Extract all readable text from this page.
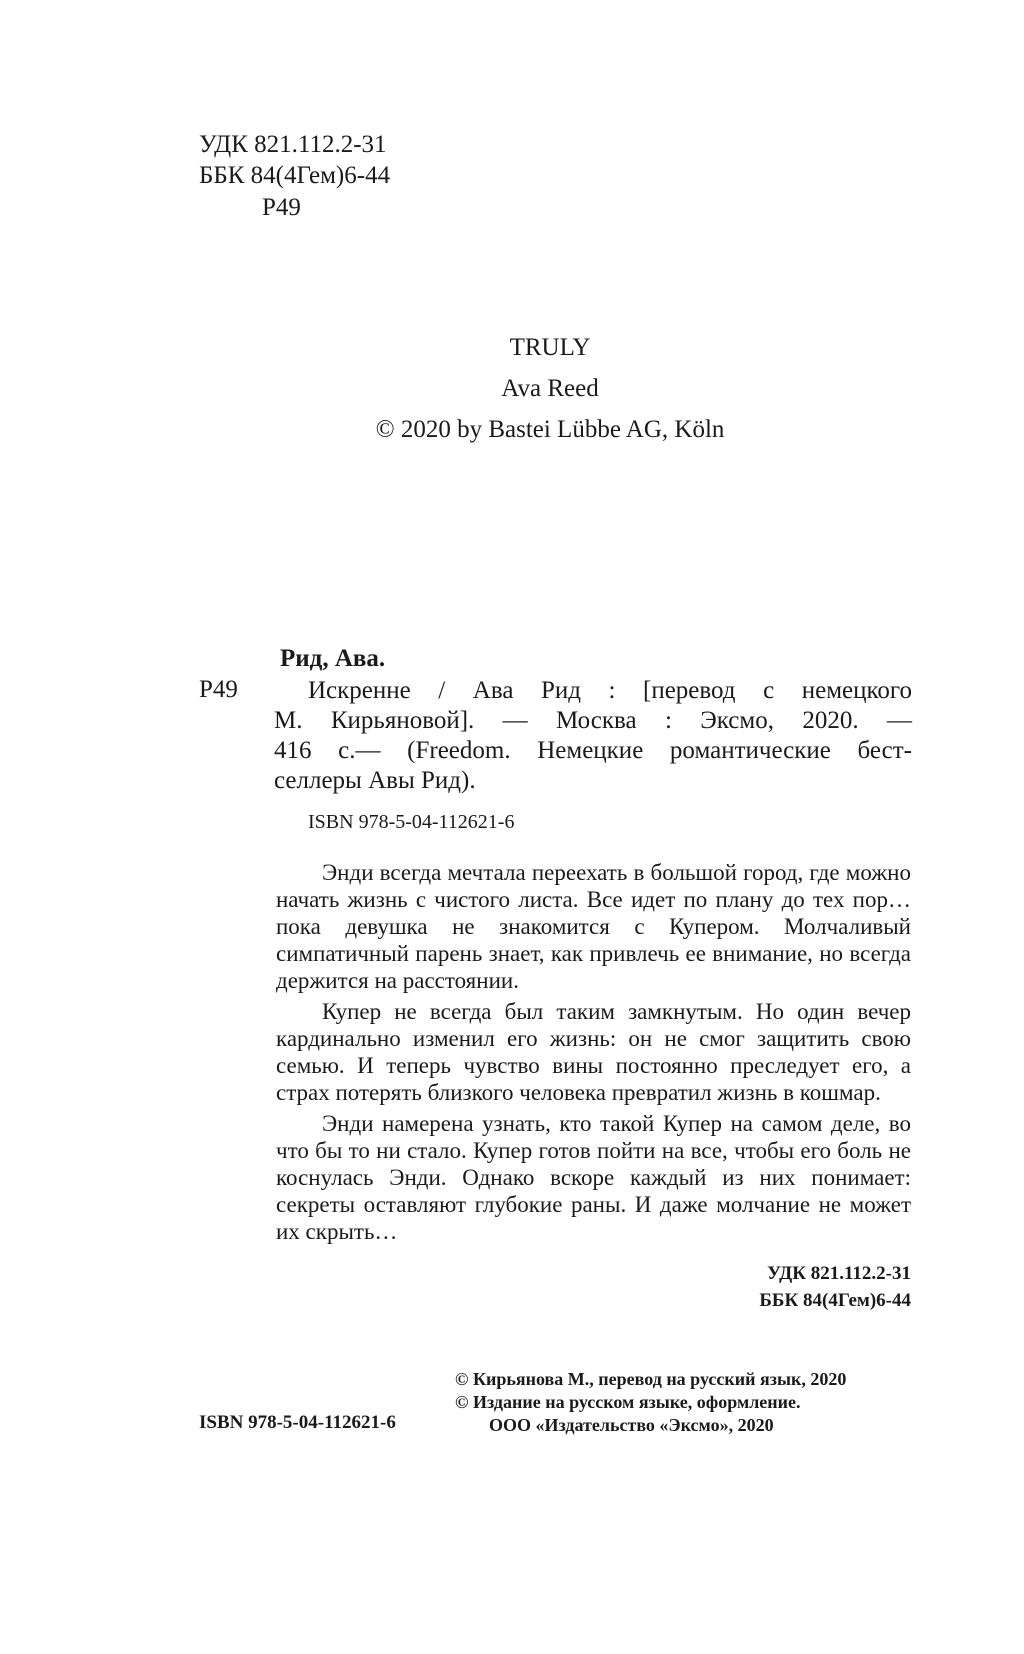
УДК 821.112.2-31
ББК 84(4Гем)6-44
Р49
TRULY
Ava Reed
© 2020 by Bastei Lübbe AG, Köln
Рид, Ава.
Р49	Искренне / Ава Рид : [перевод с немецкого
М. Кирьяновой]. — Москва : Эксмо, 2020. —
416 с.— (Freedom. Немецкие романтические бест-
селлеры Авы Рид).
ISBN 978-5-04-112621-6

Энди всегда мечтала переехать в большой город, где можно начать жизнь с чистого листа. Все идет по плану до тех пор… пока девушка не знакомится с Купером. Молчаливый симпатичный парень знает, как привлечь ее внимание, но всегда держится на расстоянии.

Купер не всегда был таким замкнутым. Но один вечер кардинально изменил его жизнь: он не смог защитить свою семью. И теперь чувство вины постоянно преследует его, а страх потерять близкого человека превратил жизнь в кошмар.

Энди намерена узнать, кто такой Купер на самом деле, во что бы то ни стало. Купер готов пойти на все, чтобы его боль не коснулась Энди. Однако вскоре каждый из них понимает: секреты оставляют глубокие раны. И даже молчание не может их скрыть…

УДК 821.112.2-31
ББК 84(4Гем)6-44
© Кирьянова М., перевод на русский язык, 2020
© Издание на русском языке, оформление.
ООО «Издательство «Эксмо», 2020
ISBN 978-5-04-112621-6
